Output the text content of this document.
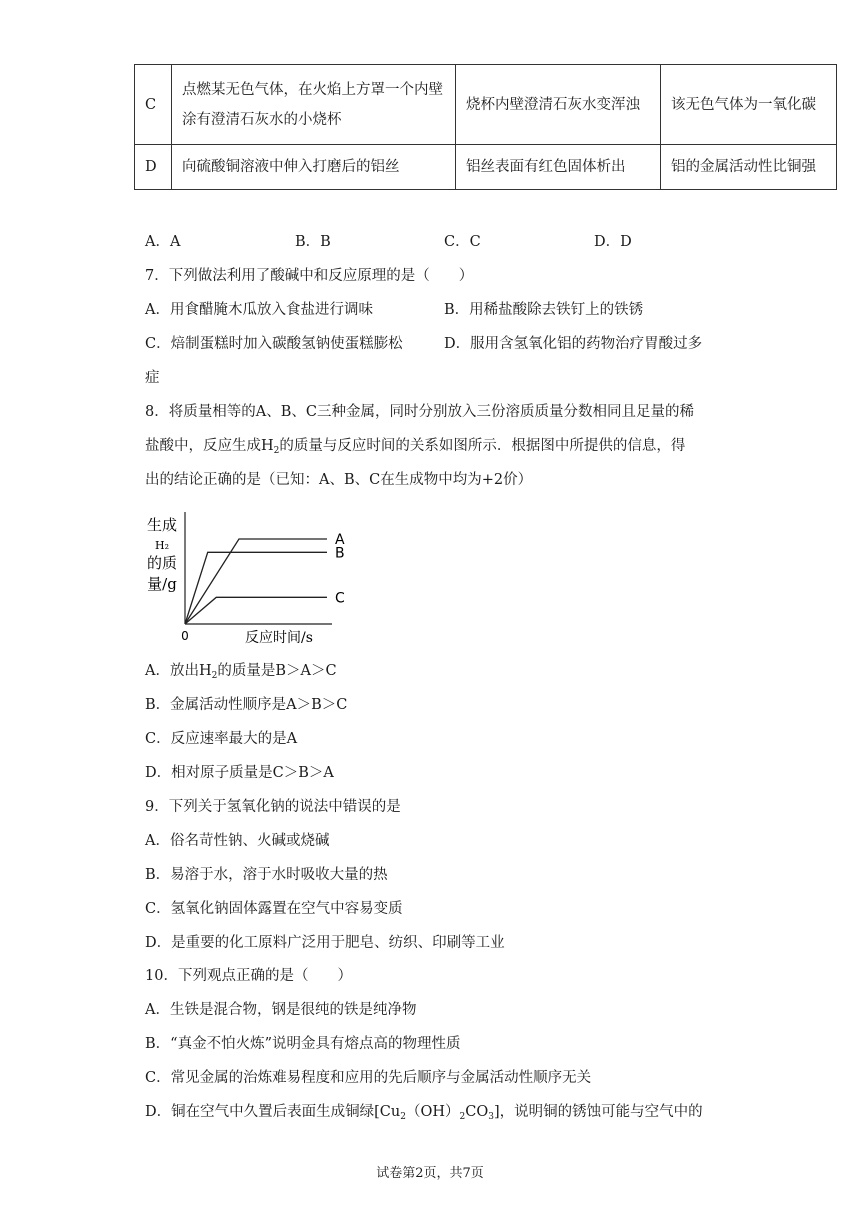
C	点燃某无色气体，在火焰上方罩一个内壁涂有澄清石灰水的小烧杯	烧杯内壁澄清石灰水变浑浊	该无色气体为一氧化碳
D	向硫酸铜溶液中伸入打磨后的铝丝	铝丝表面有红色固体析出	铝的金属活动性比铜强
A．A	B．B	C．C	D．D
7．下列做法利用了酸碱中和反应原理的是（　　）
A．用食醋腌木瓜放入食盐进行调味	B．用稀盐酸除去铁钉上的铁锈
C．焙制蛋糕时加入碳酸氢钠使蛋糕膨松	D．服用含氢氧化铝的药物治疗胃酸过多
症
8．将质量相等的A、B、C三种金属，同时分别放入三份溶质质量分数相同且足量的稀
盐酸中，反应生成$H_2$的质量与反应时间的关系如图所示．根据图中所提供的信息，得
出的结论正确的是（已知：A、B、C在生成物中均为+2价）
A
B
C
生成
H₂
的质
量/g
0	反应时间/s
A．放出$H_2$的质量是B＞A＞C
B．金属活动性顺序是A＞B＞C
C．反应速率最大的是A
D．相对原子质量是C＞B＞A
9．下列关于氢氧化钠的说法中错误的是
A．俗名苛性钠、火碱或烧碱
B．易溶于水，溶于水时吸收大量的热
C．氢氧化钠固体露置在空气中容易变质
D．是重要的化工原料广泛用于肥皂、纺织、印刷等工业
10．下列观点正确的是（　　）
A．生铁是混合物，钢是很纯的铁是纯净物
B．“真金不怕火炼”说明金具有熔点高的物理性质
C．常见金属的治炼难易程度和应用的先后顺序与金属活动性顺序无关
D．铜在空气中久置后表面生成铜绿$[Cu_2(OH)_2CO_3]$，说明铜的锈蚀可能与空气中的
试卷第2页，共7页
